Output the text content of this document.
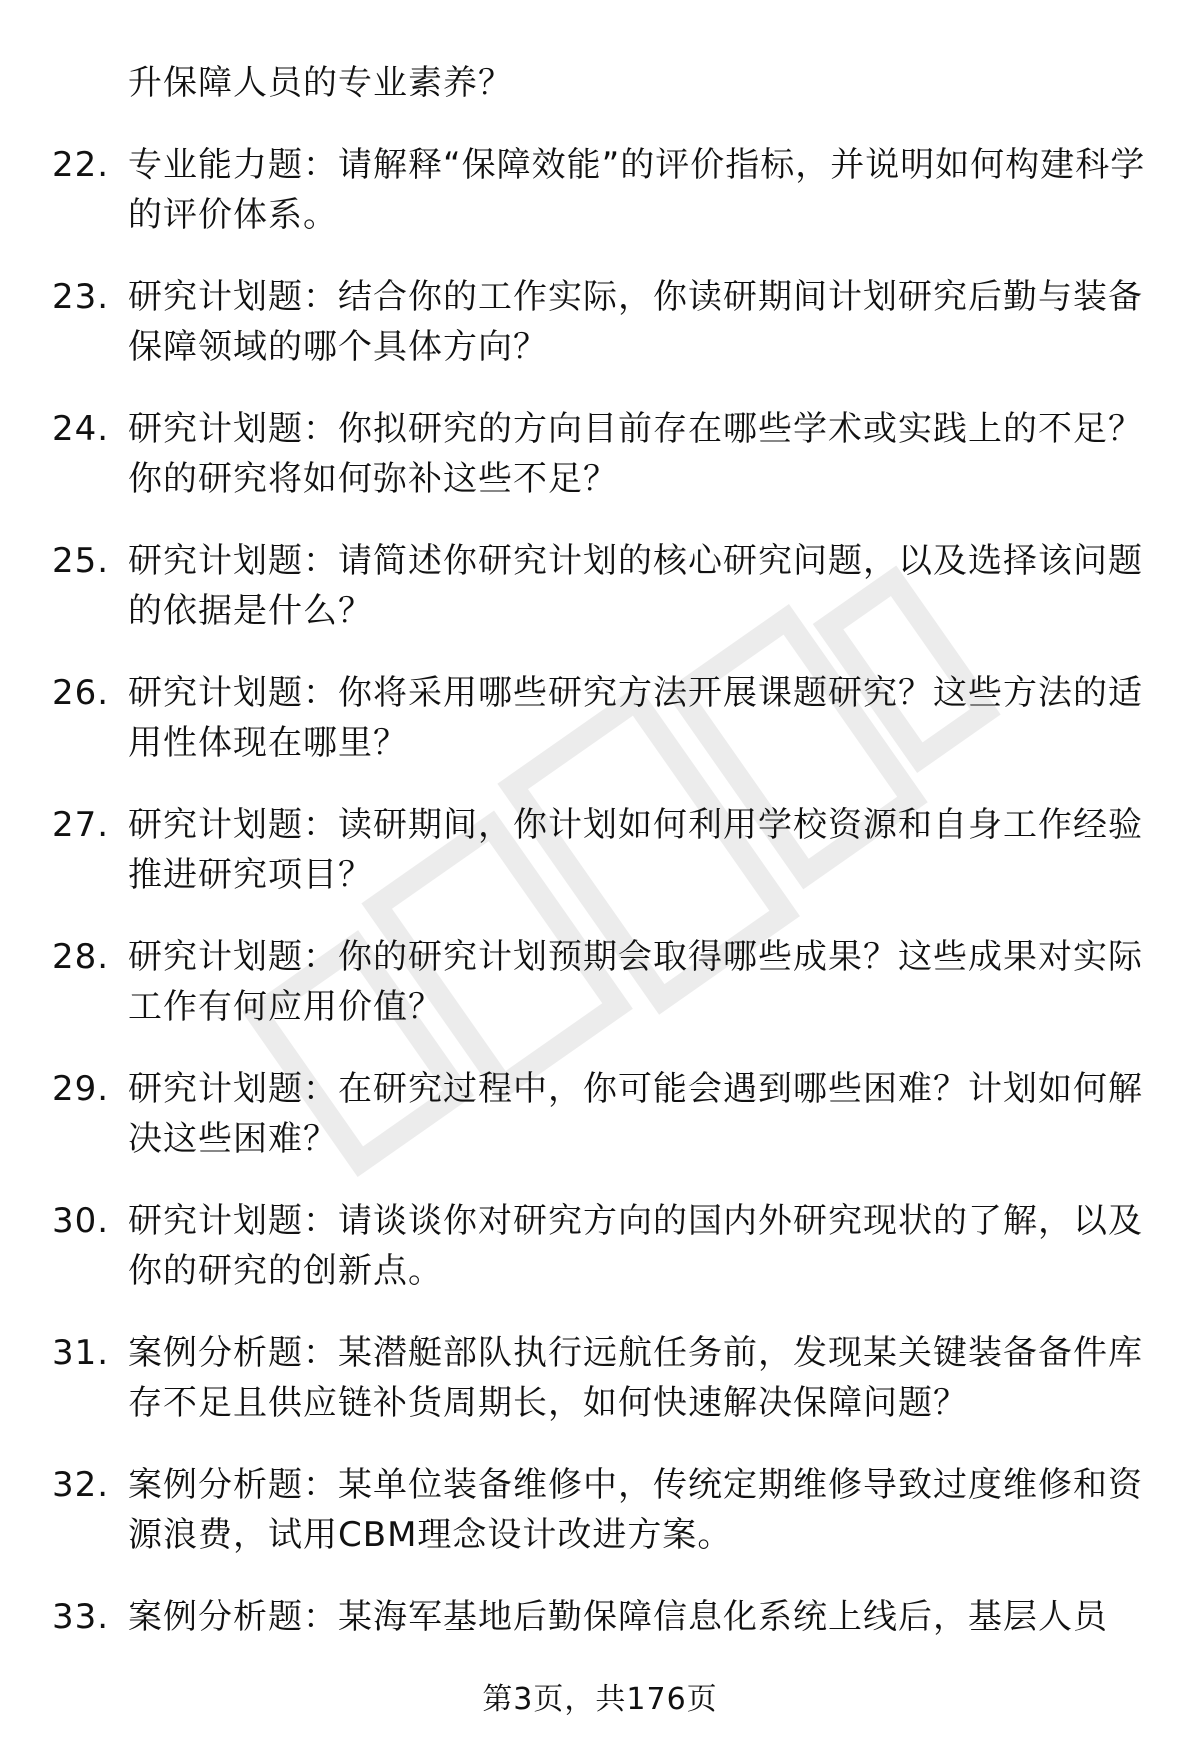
升保障人员的专业素养？
22. 专业能力题：请解释“保障效能”的评价指标，并说明如何构建科学的评价体系。
23. 研究计划题：结合你的工作实际，你读研期间计划研究后勤与装备保障领域的哪个具体方向？
24. 研究计划题：你拟研究的方向目前存在哪些学术或实践上的不足？你的研究将如何弥补这些不足？
25. 研究计划题：请简述你研究计划的核心研究问题，以及选择该问题的依据是什么？
26. 研究计划题：你将采用哪些研究方法开展课题研究？这些方法的适用性体现在哪里？
27. 研究计划题：读研期间，你计划如何利用学校资源和自身工作经验推进研究项目？
28. 研究计划题：你的研究计划预期会取得哪些成果？这些成果对实际工作有何应用价值？
29. 研究计划题：在研究过程中，你可能会遇到哪些困难？计划如何解决这些困难？
30. 研究计划题：请谈谈你对研究方向的国内外研究现状的了解，以及你的研究的创新点。
31. 案例分析题：某潜艇部队执行远航任务前，发现某关键装备备件库存不足且供应链补货周期长，如何快速解决保障问题？
32. 案例分析题：某单位装备维修中，传统定期维修导致过度维修和资源浪费，试用CBM理念设计改进方案。
33. 案例分析题：某海军基地后勤保障信息化系统上线后，基层人员
第3页，共176页
